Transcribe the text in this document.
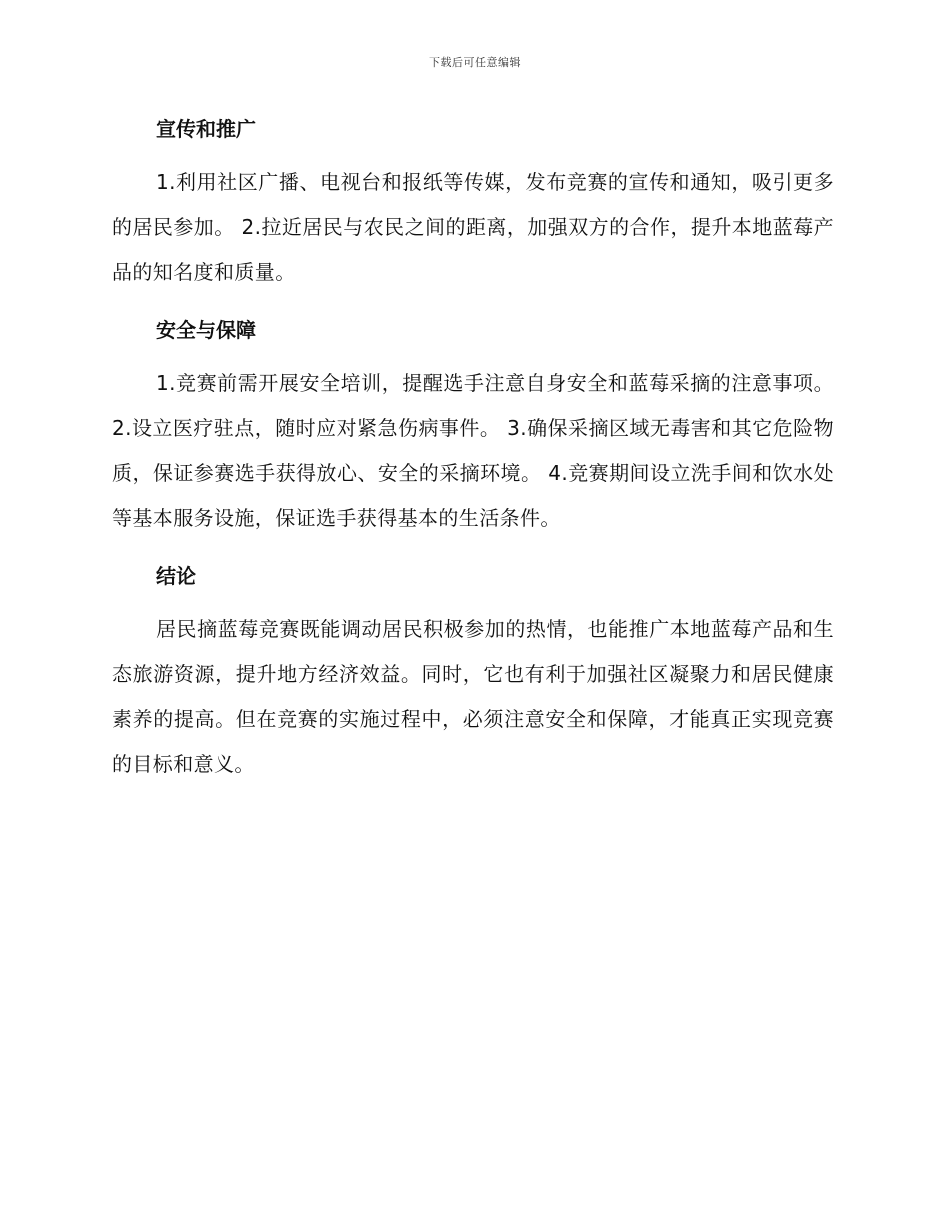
下载后可任意编辑
宣传和推广

1.利用社区广播、电视台和报纸等传媒，发布竞赛的宣传和通知，吸引更多的居民参加。 2.拉近居民与农民之间的距离，加强双方的合作，提升本地蓝莓产品的知名度和质量。

安全与保障

1.竞赛前需开展安全培训，提醒选手注意自身安全和蓝莓采摘的注意事项。 2.设立医疗驻点，随时应对紧急伤病事件。 3.确保采摘区域无毒害和其它危险物质，保证参赛选手获得放心、安全的采摘环境。 4.竞赛期间设立洗手间和饮水处等基本服务设施，保证选手获得基本的生活条件。

结论

居民摘蓝莓竞赛既能调动居民积极参加的热情，也能推广本地蓝莓产品和生态旅游资源，提升地方经济效益。同时，它也有利于加强社区凝聚力和居民健康素养的提高。但在竞赛的实施过程中，必须注意安全和保障，才能真正实现竞赛的目标和意义。
